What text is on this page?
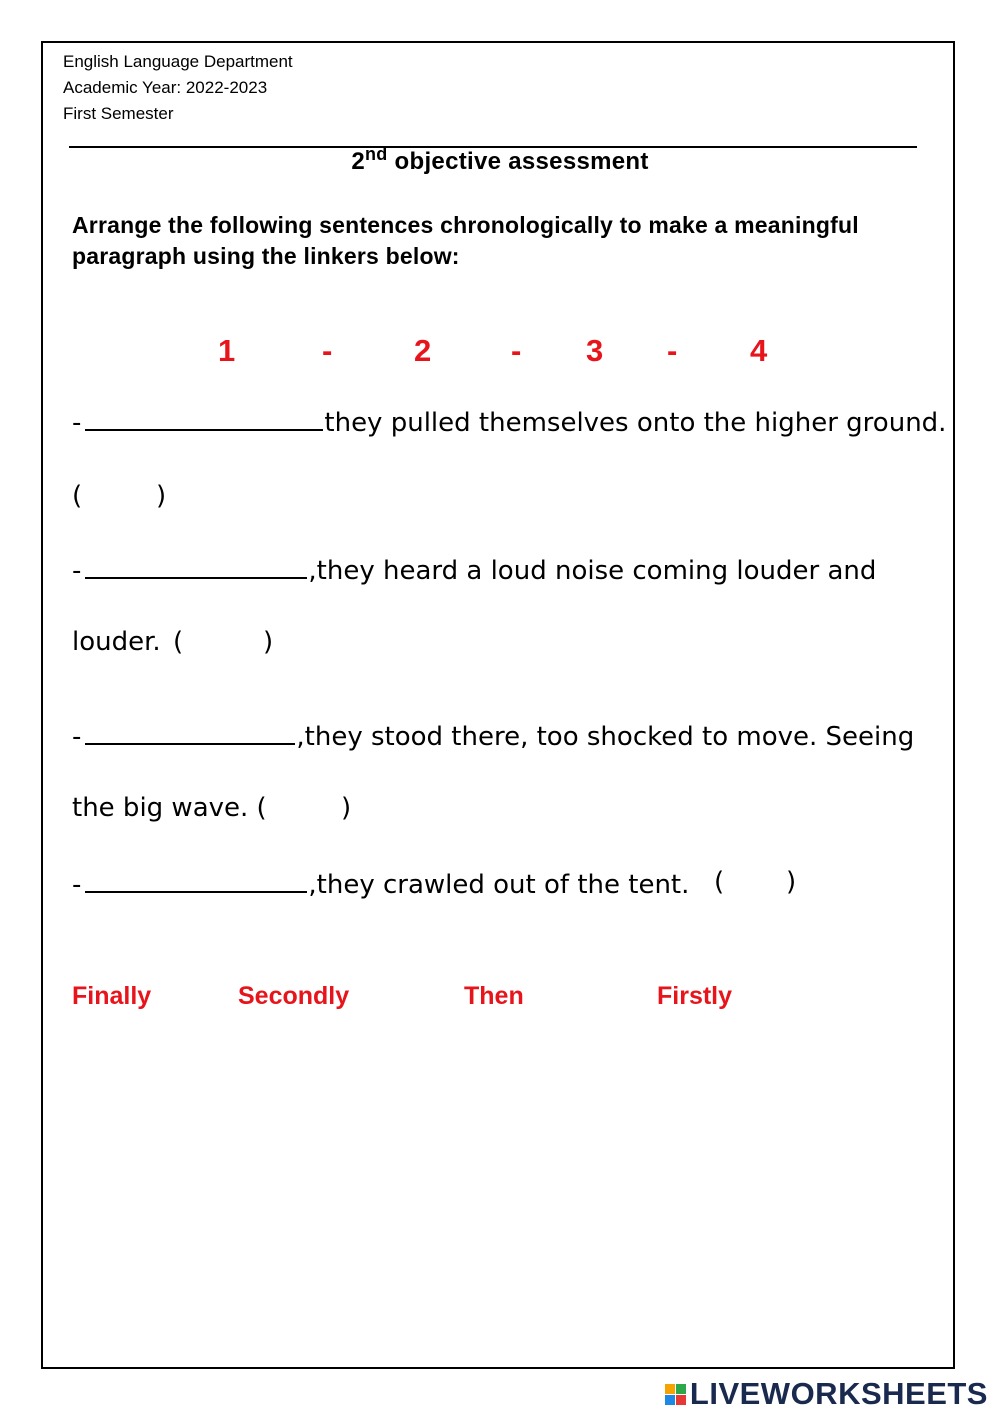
English Language Department
Academic Year: 2022-2023
First Semester
2nd objective assessment
Arrange the following sentences chronologically to make a meaningful paragraph using the linkers below:
1	-	2	- 3 - 4
-	they pulled themselves onto the higher ground.
(	)
-	,they heard a loud noise coming louder and
louder. (	)
-	,they stood there, too shocked to move. Seeing
the big wave. (	)
-	,they crawled out of the tent. ( )
Finally	Secondly	Then	Firstly
LIVEWORKSHEETS
